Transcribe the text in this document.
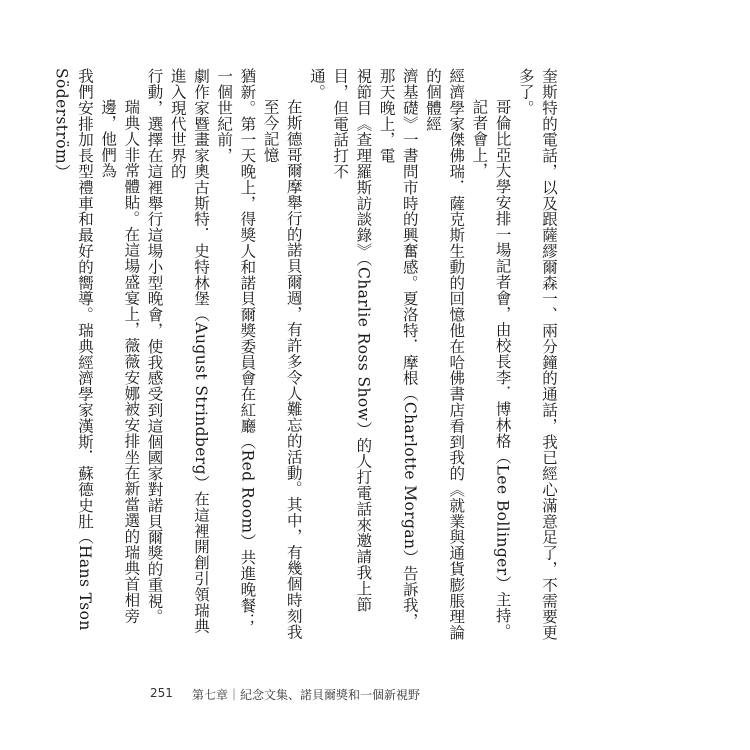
奎斯特的電話，以及跟薩繆爾森一、兩分鐘的通話，我已經心滿意足了，不需要更多了。
哥倫比亞大學安排一場記者會，由校長李．博林格（Lee Bollinger）主持。記者會上，
經濟學家傑佛瑞．薩克斯生動的回憶他在哈佛書店看到我的《就業與通貨膨脹理論的個體經
濟基礎》一書問市時的興奮感。夏洛特．摩根（Charlotte Morgan）告訴我，那天晚上，電
視節目《查理羅斯訪談錄》（Charlie Ross Show）的人打電話來邀請我上節目，但電話打不
通。
在斯德哥爾摩舉行的諾貝爾週，有許多令人難忘的活動。其中，有幾個時刻我至今記憶
猶新。第一天晚上，得獎人和諾貝爾獎委員會在紅廳（Red Room）共進晚餐；一個世紀前，
劇作家暨畫家奧古斯特．史特林堡（August Strindberg）在這裡開創引領瑞典進入現代世界的
行動，選擇在這裡舉行這場小型晚會，使我感受到這個國家對諾貝爾獎的重視。
瑞典人非常體貼。在這場盛宴上，薇薇安娜被安排坐在新當選的瑞典首相旁邊，他們為
我們安排加長型禮車和最好的嚮導。瑞典經濟學家漢斯．蘇德史肚（Hans Tson Söderström）
251 第七章｜紀念文集、諾貝爾獎和一個新視野
